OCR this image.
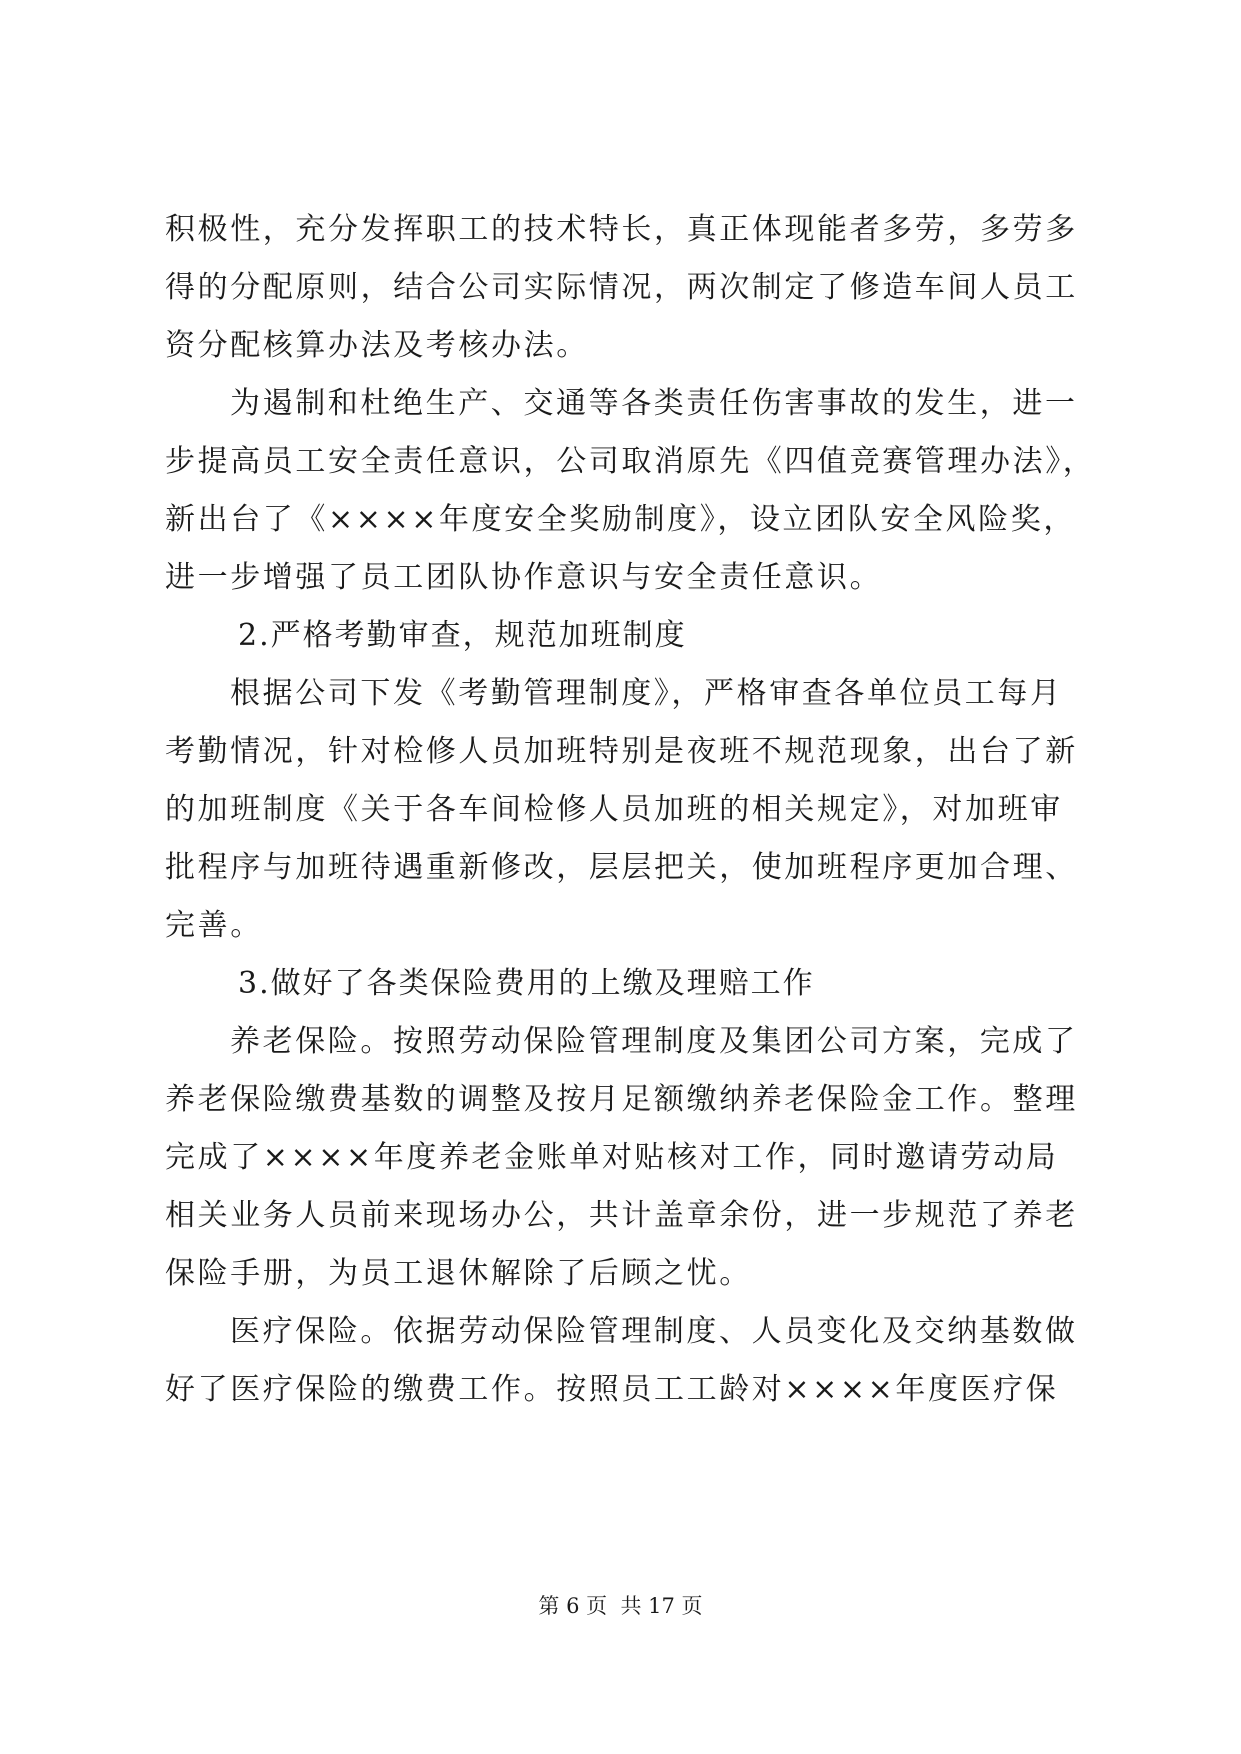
积极性，充分发挥职工的技术特长，真正体现能者多劳，多劳多
得的分配原则，结合公司实际情况，两次制定了修造车间人员工
资分配核算办法及考核办法。
为遏制和杜绝生产、交通等各类责任伤害事故的发生，进一
步提高员工安全责任意识，公司取消原先《四值竞赛管理办法》，
新出台了《××××年度安全奖励制度》，设立团队安全风险奖，
进一步增强了员工团队协作意识与安全责任意识。
2.严格考勤审查，规范加班制度
根据公司下发《考勤管理制度》，严格审查各单位员工每月
考勤情况，针对检修人员加班特别是夜班不规范现象，出台了新
的加班制度《关于各车间检修人员加班的相关规定》，对加班审
批程序与加班待遇重新修改，层层把关，使加班程序更加合理、
完善。
3.做好了各类保险费用的上缴及理赔工作
养老保险。按照劳动保险管理制度及集团公司方案，完成了
养老保险缴费基数的调整及按月足额缴纳养老保险金工作。整理
完成了××××年度养老金账单对贴核对工作，同时邀请劳动局
相关业务人员前来现场办公，共计盖章余份，进一步规范了养老
保险手册，为员工退休解除了后顾之忧。
医疗保险。依据劳动保险管理制度、人员变化及交纳基数做
好了医疗保险的缴费工作。按照员工工龄对××××年度医疗保
第 6 页  共 17 页
